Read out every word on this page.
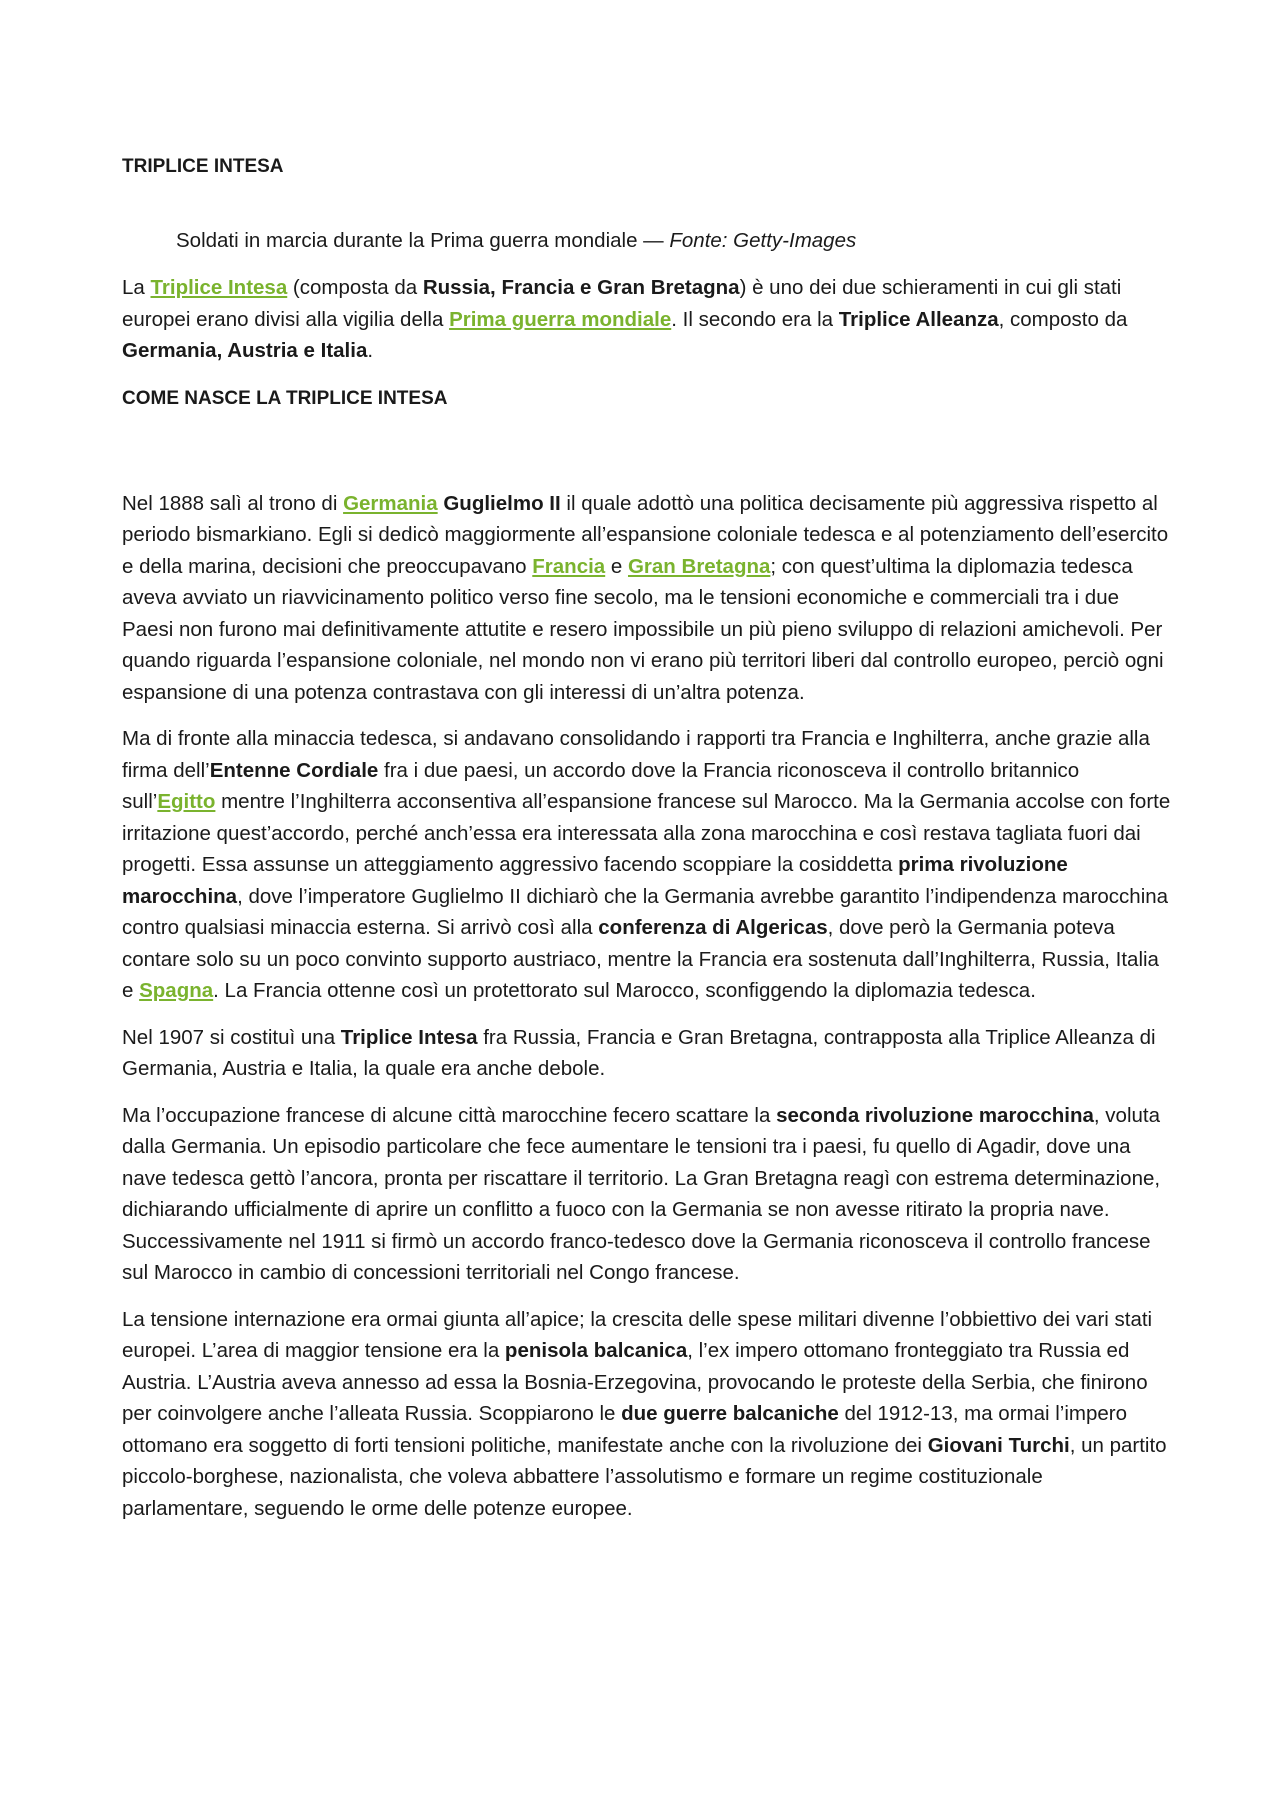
TRIPLICE INTESA
Soldati in marcia durante la Prima guerra mondiale — Fonte: Getty-Images

La Triplice Intesa (composta da Russia, Francia e Gran Bretagna) è uno dei due schieramenti in cui gli stati europei erano divisi alla vigilia della Prima guerra mondiale. Il secondo era la Triplice Alleanza, composto da Germania, Austria e Italia.

COME NASCE LA TRIPLICE INTESA

Nel 1888 salì al trono di Germania Guglielmo II il quale adottò una politica decisamente più aggressiva rispetto al periodo bismarkiano. Egli si dedicò maggiormente all’espansione coloniale tedesca e al potenziamento dell’esercito e della marina, decisioni che preoccupavano Francia e Gran Bretagna; con quest’ultima la diplomazia tedesca aveva avviato un riavvicinamento politico verso fine secolo, ma le tensioni economiche e commerciali tra i due Paesi non furono mai definitivamente attutite e resero impossibile un più pieno sviluppo di relazioni amichevoli. Per quando riguarda l’espansione coloniale, nel mondo non vi erano più territori liberi dal controllo europeo, perciò ogni espansione di una potenza contrastava con gli interessi di un’altra potenza.

Ma di fronte alla minaccia tedesca, si andavano consolidando i rapporti tra Francia e Inghilterra, anche grazie alla firma dell’Entenne Cordiale fra i due paesi, un accordo dove la Francia riconosceva il controllo britannico sull’Egitto mentre l’Inghilterra acconsentiva all’espansione francese sul Marocco. Ma la Germania accolse con forte irritazione quest’accordo, perché anch’essa era interessata alla zona marocchina e così restava tagliata fuori dai progetti. Essa assunse un atteggiamento aggressivo facendo scoppiare la cosiddetta prima rivoluzione marocchina, dove l’imperatore Guglielmo II dichiarò che la Germania avrebbe garantito l’indipendenza marocchina contro qualsiasi minaccia esterna. Si arrivò così alla conferenza di Algericas, dove però la Germania poteva contare solo su un poco convinto supporto austriaco, mentre la Francia era sostenuta dall’Inghilterra, Russia, Italia e Spagna. La Francia ottenne così un protettorato sul Marocco, sconfiggendo la diplomazia tedesca.

Nel 1907 si costituì una Triplice Intesa fra Russia, Francia e Gran Bretagna, contrapposta alla Triplice Alleanza di Germania, Austria e Italia, la quale era anche debole.

Ma l’occupazione francese di alcune città marocchine fecero scattare la seconda rivoluzione marocchina, voluta dalla Germania. Un episodio particolare che fece aumentare le tensioni tra i paesi, fu quello di Agadir, dove una nave tedesca gettò l’ancora, pronta per riscattare il territorio. La Gran Bretagna reagì con estrema determinazione, dichiarando ufficialmente di aprire un conflitto a fuoco con la Germania se non avesse ritirato la propria nave. Successivamente nel 1911 si firmò un accordo franco-tedesco dove la Germania riconosceva il controllo francese sul Marocco in cambio di concessioni territoriali nel Congo francese.

La tensione internazione era ormai giunta all’apice; la crescita delle spese militari divenne l’obbiettivo dei vari stati europei. L’area di maggior tensione era la penisola balcanica, l’ex impero ottomano fronteggiato tra Russia ed Austria. L’Austria aveva annesso ad essa la Bosnia-Erzegovina, provocando le proteste della Serbia, che finirono per coinvolgere anche l’alleata Russia. Scoppiarono le due guerre balcaniche del 1912-13, ma ormai l’impero ottomano era soggetto di forti tensioni politiche, manifestate anche con la rivoluzione dei Giovani Turchi, un partito piccolo-borghese, nazionalista, che voleva abbattere l’assolutismo e formare un regime costituzionale parlamentare, seguendo le orme delle potenze europee.
